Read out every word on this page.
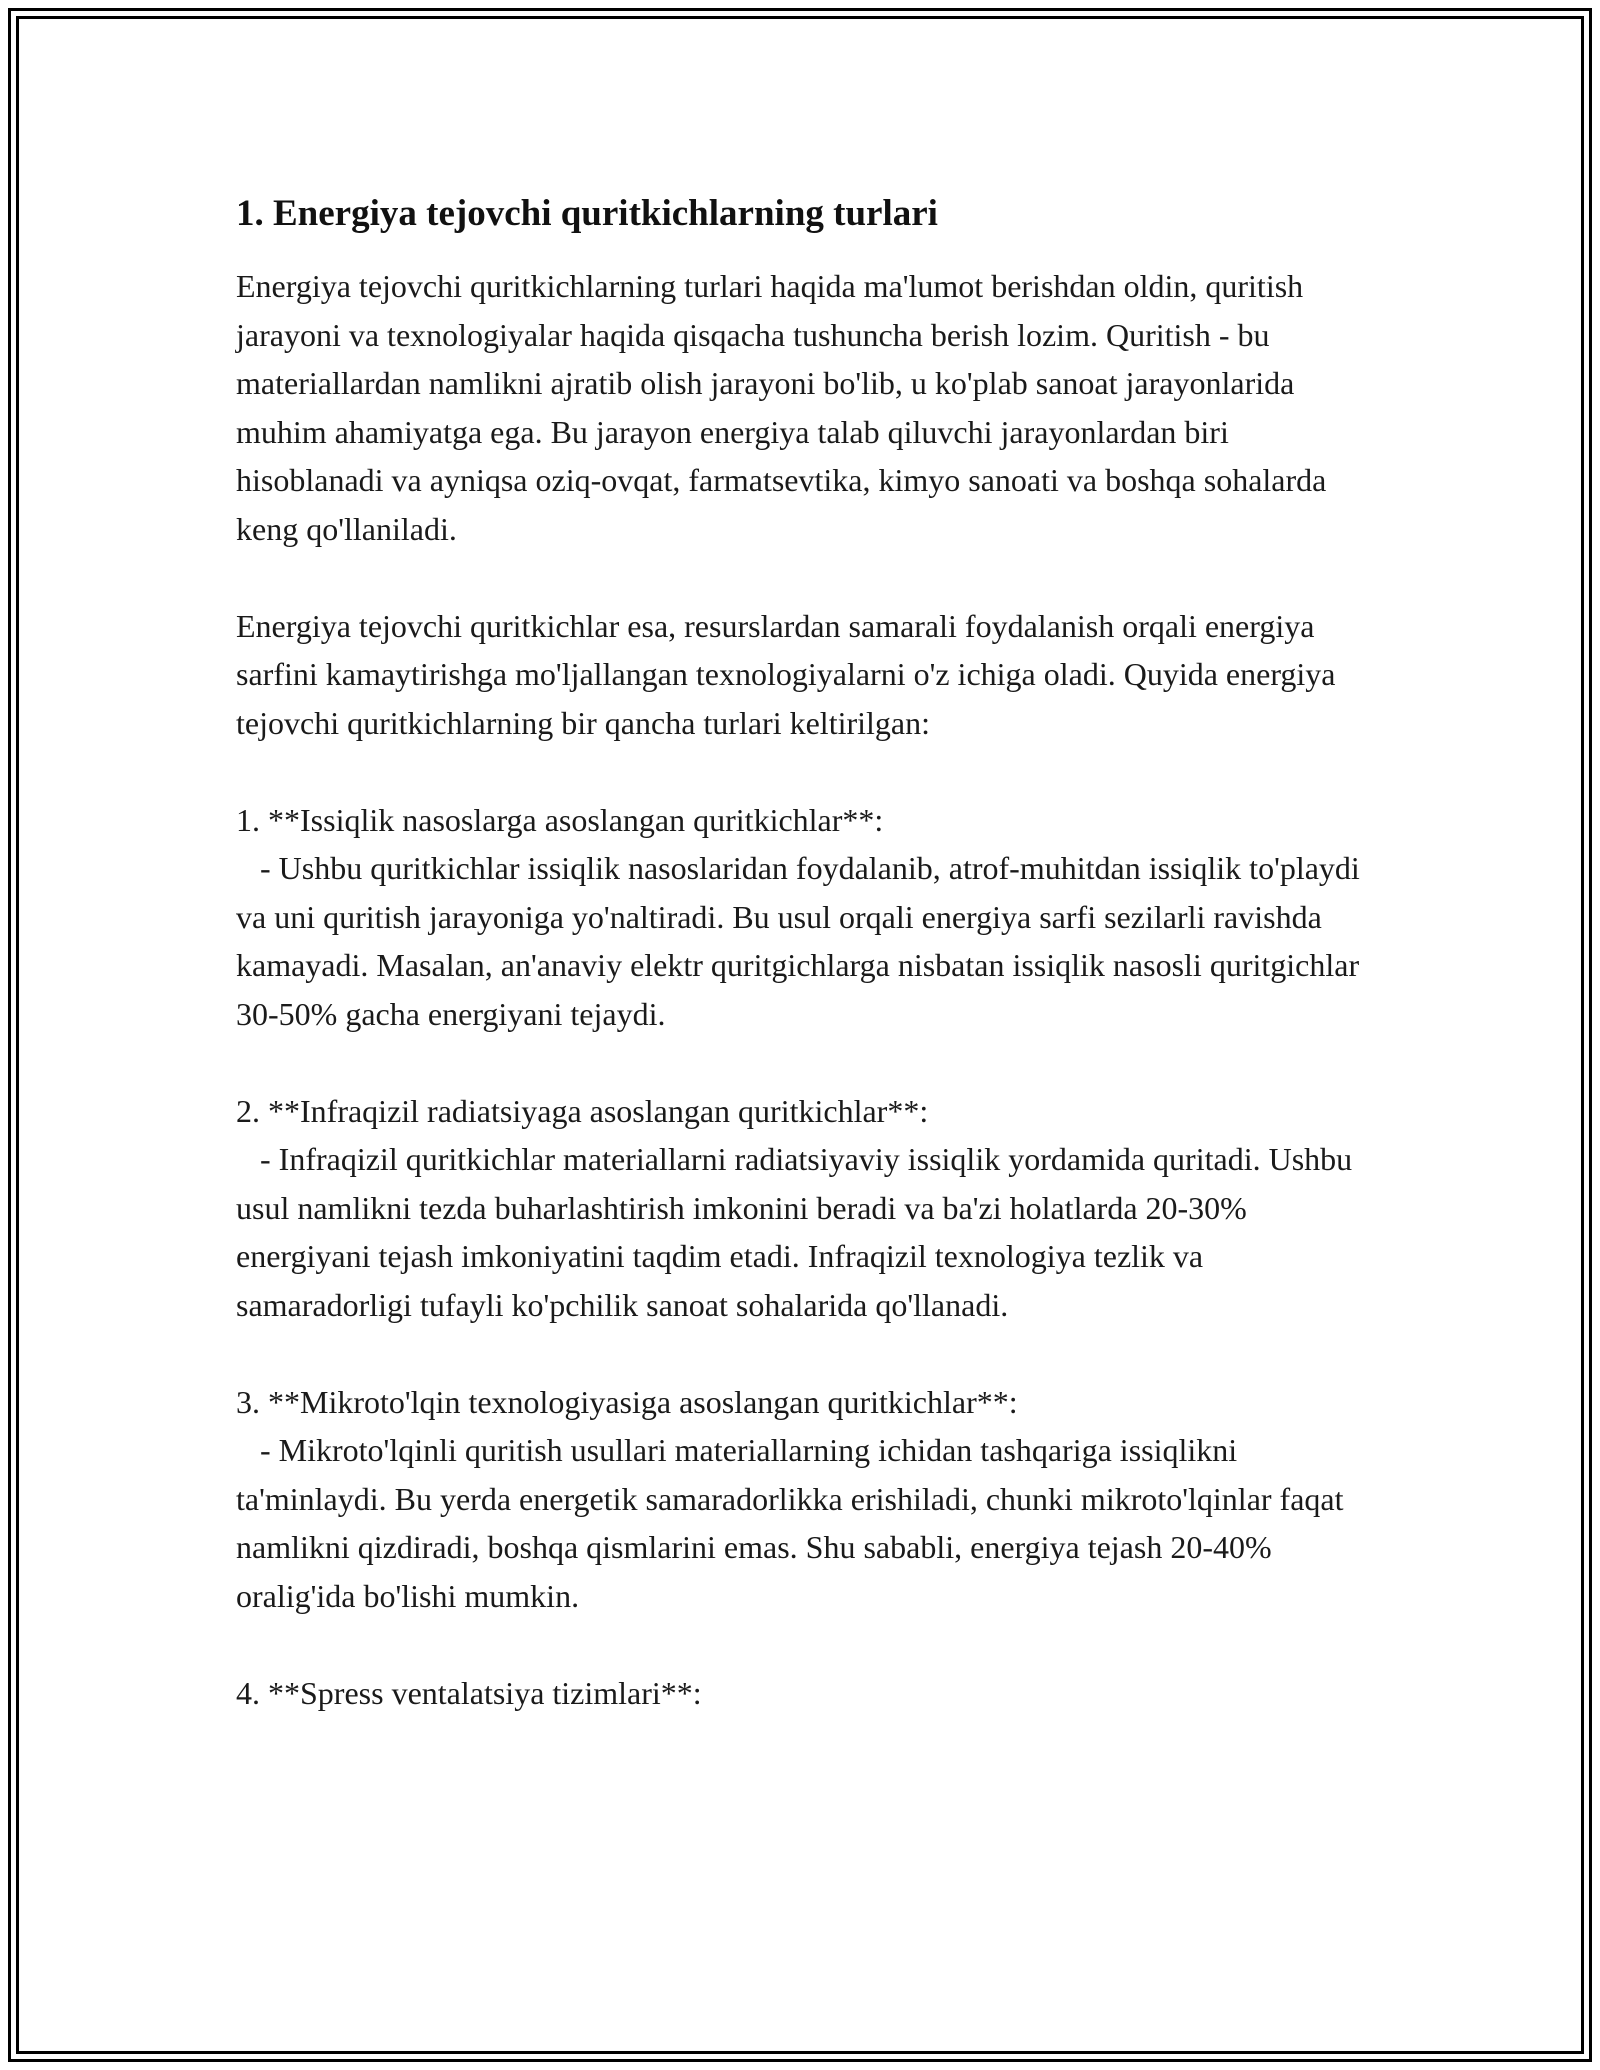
1. Energiya tejovchi quritkichlarning turlari

Energiya tejovchi quritkichlarning turlari haqida ma'lumot berishdan oldin, quritish jarayoni va texnologiyalar haqida qisqacha tushuncha berish lozim. Quritish - bu materiallardan namlikni ajratib olish jarayoni bo'lib, u ko'plab sanoat jarayonlarida muhim ahamiyatga ega. Bu jarayon energiya talab qiluvchi jarayonlardan biri hisoblanadi va ayniqsa oziq-ovqat, farmatsevtika, kimyo sanoati va boshqa sohalarda keng qo'llaniladi.

Energiya tejovchi quritkichlar esa, resurslardan samarali foydalanish orqali energiya sarfini kamaytirishga mo'ljallangan texnologiyalarni o'z ichiga oladi. Quyida energiya tejovchi quritkichlarning bir qancha turlari keltirilgan:

1. **Issiqlik nasoslarga asoslangan quritkichlar**:
- Ushbu quritkichlar issiqlik nasoslaridan foydalanib, atrof-muhitdan issiqlik to'playdi va uni quritish jarayoniga yo'naltiradi. Bu usul orqali energiya sarfi sezilarli ravishda kamayadi. Masalan, an'anaviy elektr quritgichlarga nisbatan issiqlik nasosli quritgichlar 30-50% gacha energiyani tejaydi.

2. **Infraqizil radiatsiyaga asoslangan quritkichlar**:
- Infraqizil quritkichlar materiallarni radiatsiyaviy issiqlik yordamida quritadi. Ushbu usul namlikni tezda buharlashtirish imkonini beradi va ba'zi holatlarda 20-30% energiyani tejash imkoniyatini taqdim etadi. Infraqizil texnologiya tezlik va samaradorligi tufayli ko'pchilik sanoat sohalarida qo'llanadi.

3. **Mikroto'lqin texnologiyasiga asoslangan quritkichlar**:
- Mikroto'lqinli quritish usullari materiallarning ichidan tashqariga issiqlikni ta'minlaydi. Bu yerda energetik samaradorlikka erishiladi, chunki mikroto'lqinlar faqat namlikni qizdiradi, boshqa qismlarini emas. Shu sababli, energiya tejash 20-40% oralig'ida bo'lishi mumkin.

4. **Spress ventalatsiya tizimlari**:
